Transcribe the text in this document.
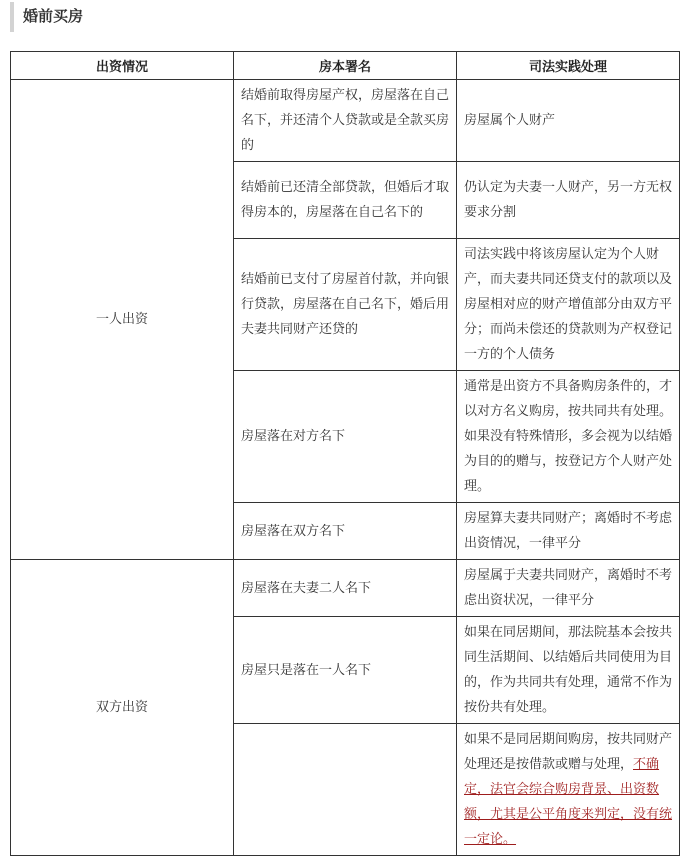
婚前买房
出资情况	房本署名	司法实践处理
一人出资	结婚前取得房屋产权，房屋落在自己名下，并还清个人贷款或是全款买房的	房屋属个人财产
	结婚前已还清全部贷款，但婚后才取得房本的，房屋落在自己名下的	仍认定为夫妻一人财产，另一方无权要求分割
	结婚前已支付了房屋首付款，并向银行贷款，房屋落在自己名下，婚后用夫妻共同财产还贷的	司法实践中将该房屋认定为个人财产，而夫妻共同还贷支付的款项以及房屋相对应的财产增值部分由双方平分；而尚未偿还的贷款则为产权登记一方的个人债务
	房屋落在对方名下	通常是出资方不具备购房条件的，才以对方名义购房，按共同共有处理。如果没有特殊情形，多会视为以结婚为目的的赠与，按登记方个人财产处理。
	房屋落在双方名下	房屋算夫妻共同财产；离婚时不考虑出资情况，一律平分
双方出资	房屋落在夫妻二人名下	房屋属于夫妻共同财产，离婚时不考虑出资状况，一律平分
	房屋只是落在一人名下	如果在同居期间，那法院基本会按共同生活期间、以结婚后共同使用为目的，作为共同共有处理，通常不作为按份共有处理。
		如果不是同居期间购房，按共同财产处理还是按借款或赠与处理，不确定，法官会综合购房背景、出资数额，尤其是公平角度来判定，没有统一定论。
